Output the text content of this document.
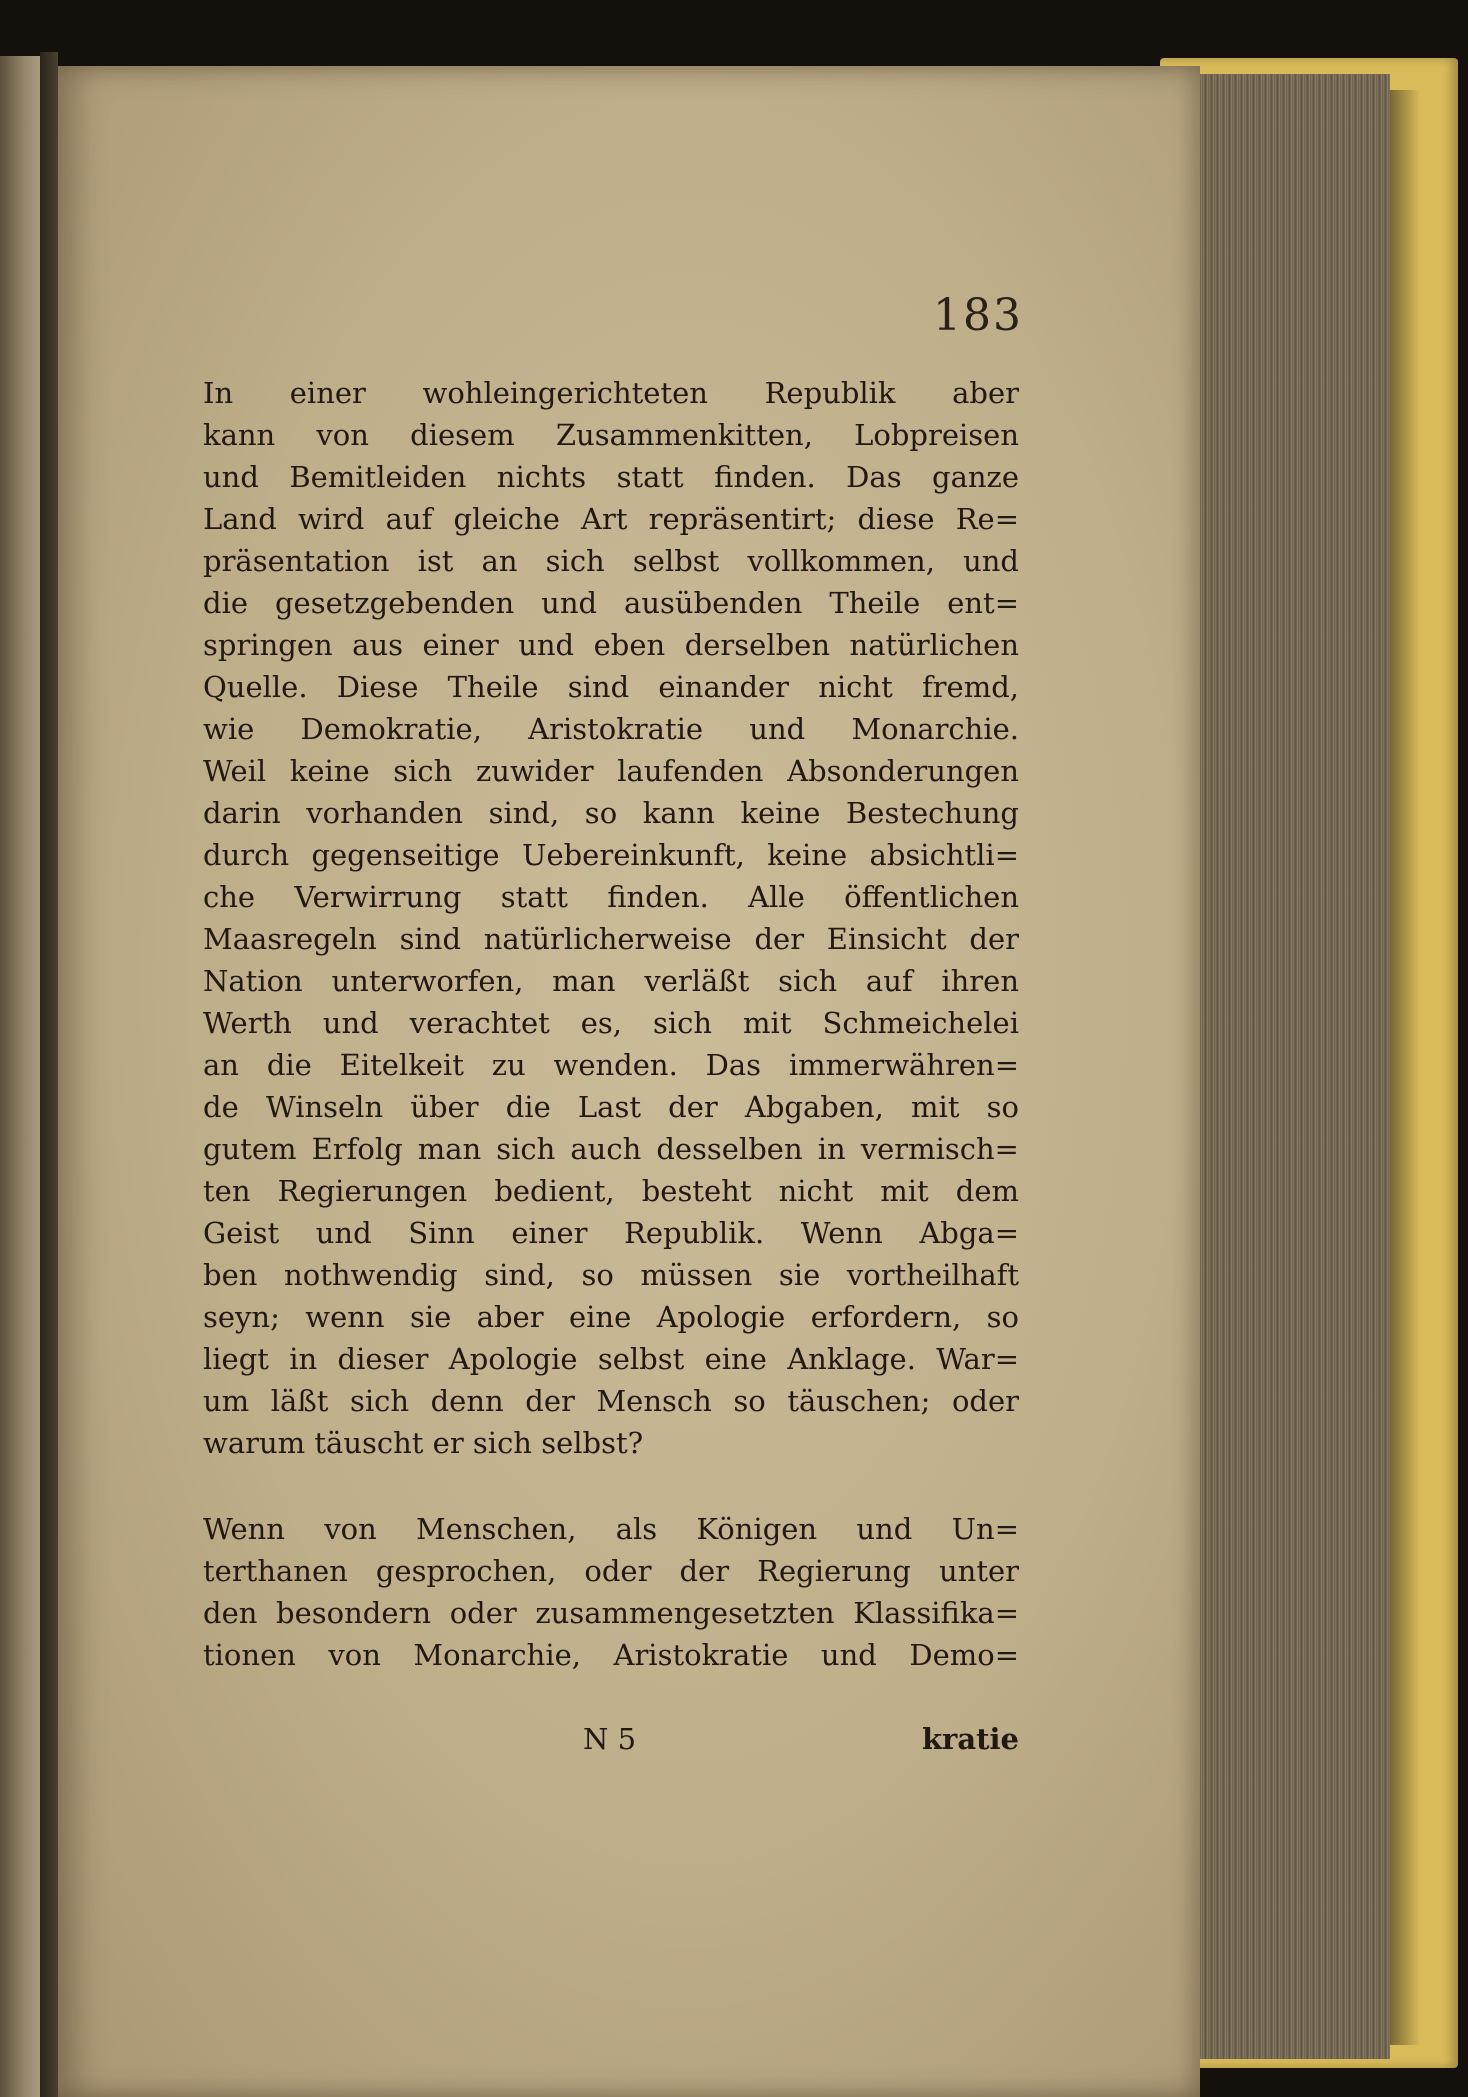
183
In einer wohleingerichteten Republik aber
kann von diesem Zusammenkitten, Lobpreisen
und Bemitleiden nichts statt finden. Das ganze
Land wird auf gleiche Art repräsentirt; diese Re=
präsentation ist an sich selbst vollkommen, und
die gesetzgebenden und ausübenden Theile ent=
springen aus einer und eben derselben natürlichen
Quelle. Diese Theile sind einander nicht fremd,
wie Demokratie, Aristokratie und Monarchie.
Weil keine sich zuwider laufenden Absonderungen
darin vorhanden sind, so kann keine Bestechung
durch gegenseitige Uebereinkunft, keine absichtli=
che Verwirrung statt finden. Alle öffentlichen
Maasregeln sind natürlicherweise der Einsicht der
Nation unterworfen, man verläßt sich auf ihren
Werth und verachtet es, sich mit Schmeichelei
an die Eitelkeit zu wenden. Das immerwähren=
de Winseln über die Last der Abgaben, mit so
gutem Erfolg man sich auch desselben in vermisch=
ten Regierungen bedient, besteht nicht mit dem
Geist und Sinn einer Republik. Wenn Abga=
ben nothwendig sind, so müssen sie vortheilhaft
seyn; wenn sie aber eine Apologie erfordern, so
liegt in dieser Apologie selbst eine Anklage. War=
um läßt sich denn der Mensch so täuschen; oder
warum täuscht er sich selbst?
Wenn von Menschen, als Königen und Un=
terthanen gesprochen, oder der Regierung unter
den besondern oder zusammengesetzten Klassifika=
tionen von Monarchie, Aristokratie und Demo=
N 5	kratie
